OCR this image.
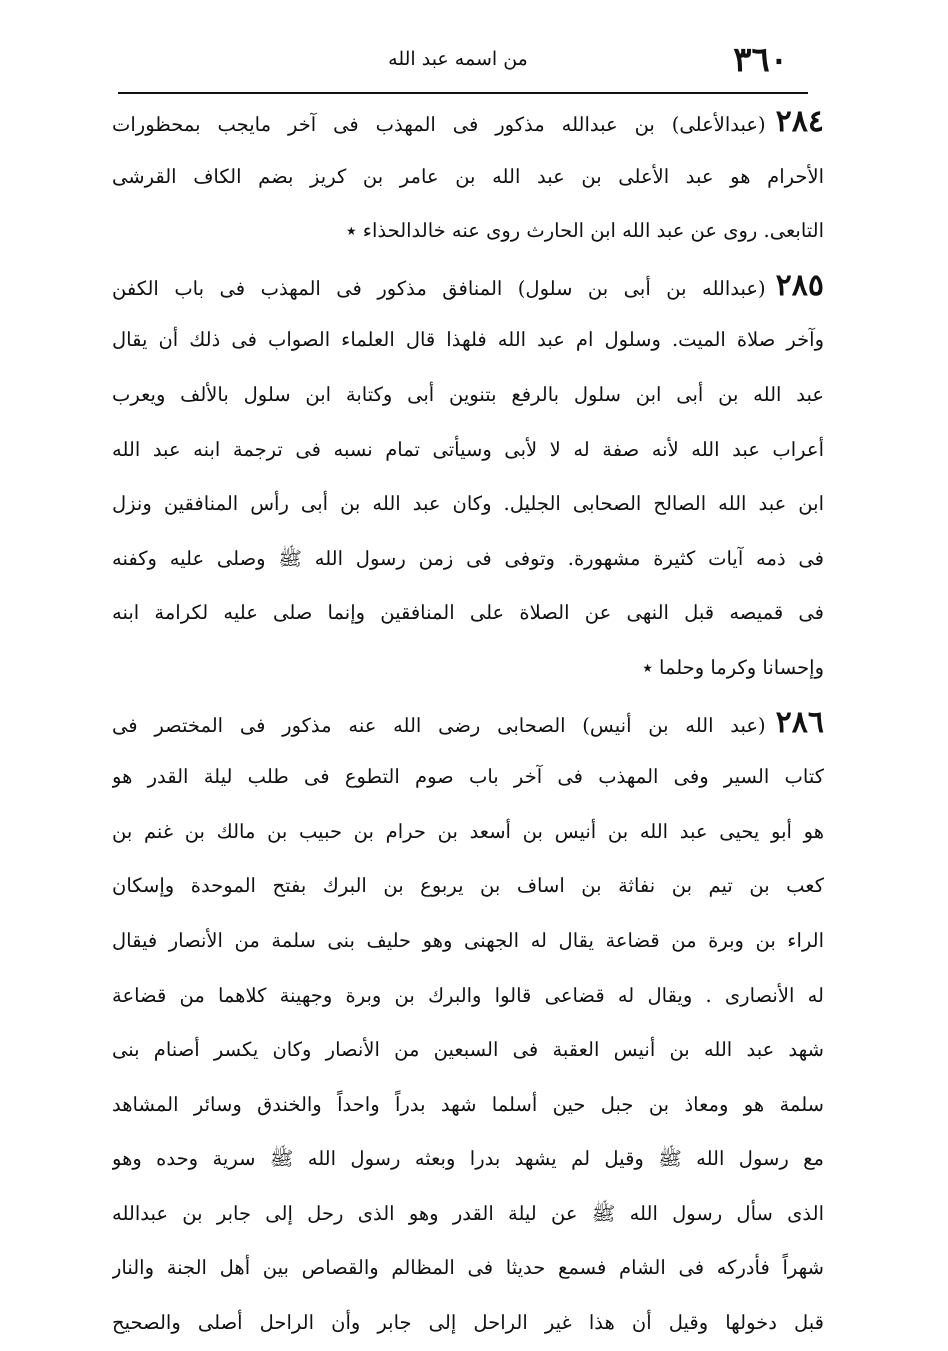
٣٦٠
من اسمه عبد الله
٢٨٤(عبدالأعلى) بن عبدالله مذكور فى المهذب فى آخر مايجب بمحظورات
الأحرام هو عبد الأعلى بن عبد الله بن عامر بن كريز بضم الكاف القرشى
التابعى. روى عن عبد الله ابن الحارث روى عنه خالدالحذاء ٭
٢٨٥(عبدالله بن أبى بن سلول) المنافق مذكور فى المهذب فى باب الكفن
وآخر صلاة الميت. وسلول ام عبد الله فلهذا قال العلماء الصواب فى ذلك أن يقال
عبد الله بن أبى ابن سلول بالرفع بتنوين أبى وكتابة ابن سلول بالألف ويعرب
أعراب عبد الله لأنه صفة له لا لأبى وسيأتى تمام نسبه فى ترجمة ابنه عبد الله
ابن عبد الله الصالح الصحابى الجليل. وكان عبد الله بن أبى رأس المنافقين ونزل
فى ذمه آيات كثيرة مشهورة. وتوفى فى زمن رسول الله ﷺ وصلى عليه وكفنه
فى قميصه قبل النهى عن الصلاة على المنافقين وإنما صلى عليه لكرامة ابنه
وإحسانا وكرما وحلما ٭
٢٨٦(عبد الله بن أنيس) الصحابى رضى الله عنه مذكور فى المختصر فى
كتاب السير وفى المهذب فى آخر باب صوم التطوع فى طلب ليلة القدر هو
هو أبو يحيى عبد الله بن أنيس بن أسعد بن حرام بن حبيب بن مالك بن غنم بن
كعب بن تيم بن نفاثة بن اساف بن يربوع بن البرك بفتح الموحدة وإسكان
الراء بن وبرة من قضاعة يقال له الجهنى وهو حليف بنى سلمة من الأنصار فيقال
له الأنصارى . ويقال له قضاعى قالوا والبرك بن وبرة وجهينة كلاهما من قضاعة
شهد عبد الله بن أنيس العقبة فى السبعين من الأنصار وكان يكسر أصنام بنى
سلمة هو ومعاذ بن جبل حين أسلما شهد بدراً واحداً والخندق وسائر المشاهد
مع رسول الله ﷺ وقيل لم يشهد بدرا وبعثه رسول الله ﷺ سرية وحده وهو
الذى سأل رسول الله ﷺ عن ليلة القدر وهو الذى رحل إلى جابر بن عبدالله
شهراً فأدركه فى الشام فسمع حديثا فى المظالم والقصاص بين أهل الجنة والنار
قبل دخولها وقيل أن هذا غير الراحل إلى جابر وأن الراحل أصلى والصحيح
